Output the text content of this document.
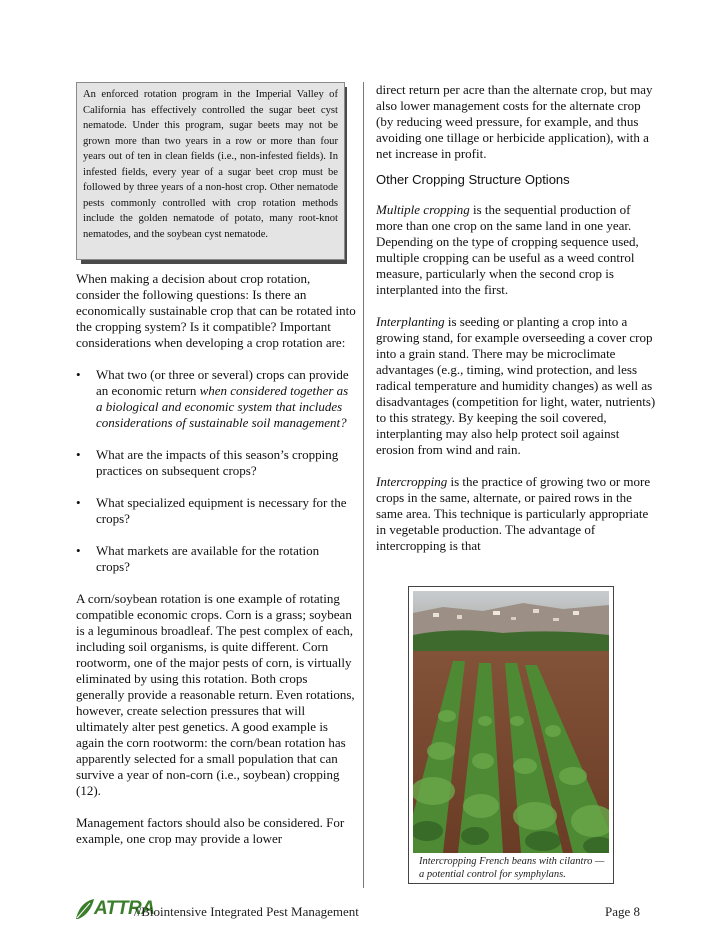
An enforced rotation program in the Imperial Valley of California has effectively controlled the sugar beet cyst nematode. Under this program, sugar beets may not be grown more than two years in a row or more than four years out of ten in clean fields (i.e., non-infested fields). In infested fields, every year of a sugar beet crop must be followed by three years of a non-host crop. Other nematode pests commonly controlled with crop rotation methods include the golden nematode of potato, many root-knot nematodes, and the soybean cyst nematode.

When making a decision about crop rotation, consider the following questions: Is there an economically sustainable crop that can be rotated into the cropping system? Is it compatible? Important considerations when developing a crop rotation are:

•	What two (or three or several) crops can provide an economic return when considered together as a biological and economic system that includes considerations of sustainable soil management?
•	What are the impacts of this season’s cropping practices on subsequent crops?
•	What specialized equipment is necessary for the crops?
•	What markets are available for the rotation crops?

A corn/soybean rotation is one example of rotating compatible economic crops. Corn is a grass; soybean is a leguminous broadleaf. The pest complex of each, including soil organisms, is quite different. Corn rootworm, one of the major pests of corn, is virtually eliminated by using this rotation. Both crops generally provide a reasonable return. Even rotations, however, create selection pressures that will ultimately alter pest genetics. A good example is again the corn rootworm: the corn/bean rotation has apparently selected for a small population that can survive a year of non-corn (i.e., soybean) cropping (12).

Management factors should also be considered. For example, one crop may provide a lower

direct return per acre than the alternate crop, but may also lower management costs for the alternate crop (by reducing weed pressure, for example, and thus avoiding one tillage or herbicide application), with a net increase in profit.

Other Cropping Structure Options

Multiple cropping is the sequential production of more than one crop on the same land in one year. Depending on the type of cropping sequence used, multiple cropping can be useful as a weed control measure, particularly when the second crop is interplanted into the first.

Interplanting is seeding or planting a crop into a growing stand, for example overseeding a cover crop into a grain stand. There may be microclimate advantages (e.g., timing, wind protection, and less radical temperature and humidity changes) as well as disadvantages (competition for light, water, nutrients) to this strategy. By keeping the soil covered, interplanting may also help protect soil against erosion from wind and rain.

Intercropping is the practice of growing two or more crops in the same, alternate, or paired rows in the same area. This technique is particularly appropriate in vegetable production. The advantage of intercropping is that

Intercropping French beans with cilantro —a potential control for symphylans.
ATTRA
//Biointensive Integrated Pest Management	Page 8
